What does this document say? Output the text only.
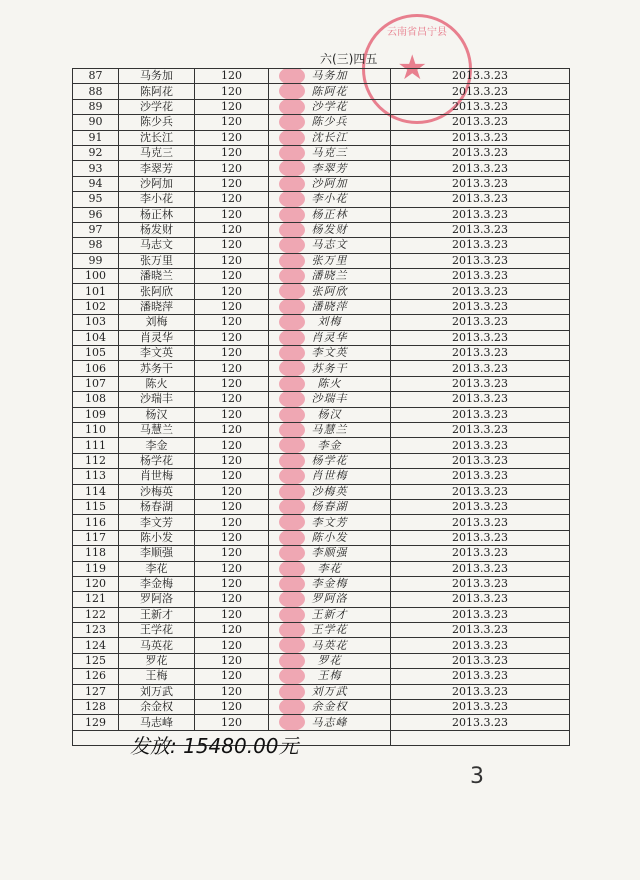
云南省昌宁县
★
六(三)四五
87	马务加	120	马务加	2013.3.23
88	陈阿花	120	陈阿花	2013.3.23
89	沙学花	120	沙学花	2013.3.23
90	陈少兵	120	陈少兵	2013.3.23
91	沈长江	120	沈长江	2013.3.23
92	马克三	120	马克三	2013.3.23
93	李翠芳	120	李翠芳	2013.3.23
94	沙阿加	120	沙阿加	2013.3.23
95	李小花	120	李小花	2013.3.23
96	杨正林	120	杨正林	2013.3.23
97	杨发财	120	杨发财	2013.3.23
98	马志文	120	马志文	2013.3.23
99	张万里	120	张万里	2013.3.23
100	潘晓兰	120	潘晓兰	2013.3.23
101	张阿欣	120	张阿欣	2013.3.23
102	潘晓萍	120	潘晓萍	2013.3.23
103	刘梅	120	刘梅	2013.3.23
104	肖灵华	120	肖灵华	2013.3.23
105	李文英	120	李文英	2013.3.23
106	苏务干	120	苏务干	2013.3.23
107	陈火	120	陈火	2013.3.23
108	沙瑞丰	120	沙瑞丰	2013.3.23
109	杨汉	120	杨汉	2013.3.23
110	马慧兰	120	马慧兰	2013.3.23
111	李金	120	李金	2013.3.23
112	杨学花	120	杨学花	2013.3.23
113	肖世梅	120	肖世梅	2013.3.23
114	沙梅英	120	沙梅英	2013.3.23
115	杨春湖	120	杨春湖	2013.3.23
116	李文芳	120	李文芳	2013.3.23
117	陈小发	120	陈小发	2013.3.23
118	李顺强	120	李顺强	2013.3.23
119	李花	120	李花	2013.3.23
120	李金梅	120	李金梅	2013.3.23
121	罗阿洛	120	罗阿洛	2013.3.23
122	王新才	120	王新才	2013.3.23
123	王学花	120	王学花	2013.3.23
124	马英花	120	马英花	2013.3.23
125	罗花	120	罗花	2013.3.23
126	王梅	120	王梅	2013.3.23
127	刘万武	120	刘万武	2013.3.23
128	余金权	120	余金权	2013.3.23
129	马志峰	120	马志峰	2013.3.23

发放: 15480.00元
3
